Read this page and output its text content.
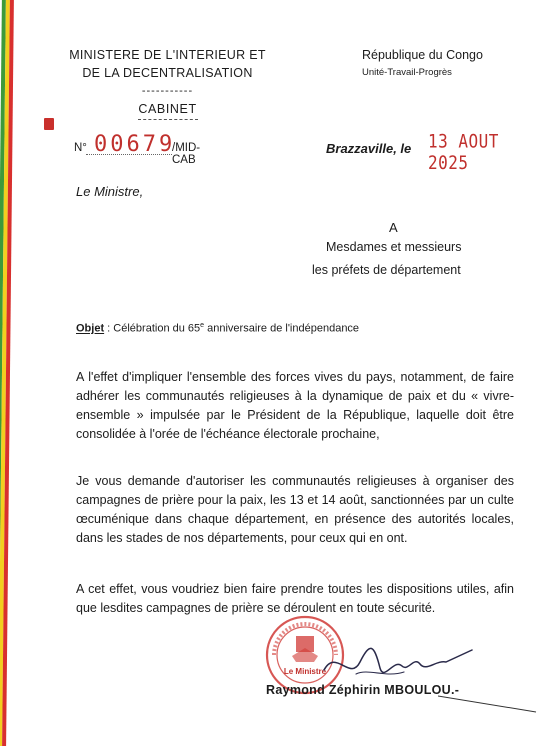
MINISTERE DE L'INTERIEUR ET
DE LA DECENTRALISATION
-----------
CABINET
République du Congo
Unité-Travail-Progrès
N° 00679
/MID-CAB
Brazzaville, le 13 AOUT 2025
Le Ministre,
A
Mesdames et messieurs
les préfets de département
Objet : Célébration du 65e anniversaire de l'indépendance
A l'effet d'impliquer l'ensemble des forces vives du pays, notamment, de faire adhérer les communautés religieuses à la dynamique de paix et du « vivre-ensemble » impulsée par le Président de la République, laquelle doit être consolidée à l'orée de l'échéance électorale prochaine,
Je vous demande d'autoriser les communautés religieuses à organiser des campagnes de prière pour la paix, les 13 et 14 août, sanctionnées par un culte œcuménique dans chaque département, en présence des autorités locales, dans les stades de nos départements, pour ceux qui en ont.
A cet effet, vous voudriez bien faire prendre toutes les dispositions utiles, afin que lesdites campagnes de prière se déroulent en toute sécurité.
Le Ministre
Raymond Zéphirin MBOULOU.-
